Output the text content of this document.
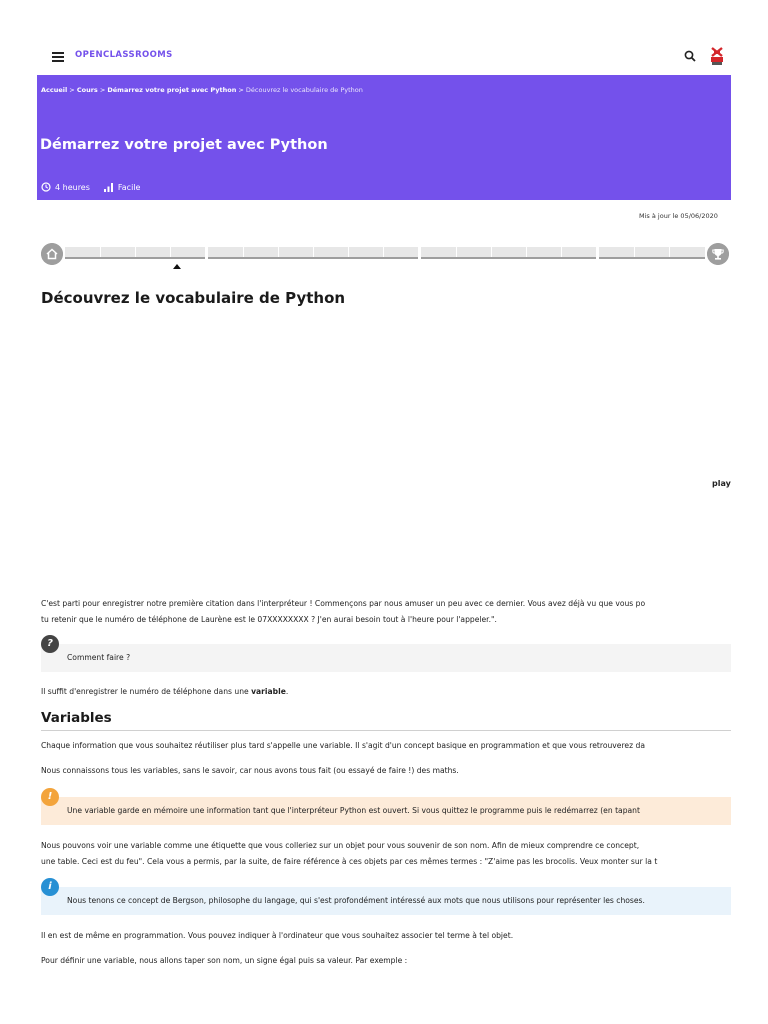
OPENCLASSROOMS
Accueil > Cours > Démarrez votre projet avec Python > Découvrez le vocabulaire de Python
Démarrez votre projet avec Python
4 heures	Facile
Mis à jour le 05/06/2020
Découvrez le vocabulaire de Python
play
C'est parti pour enregistrer notre première citation dans l'interpréteur ! Commençons par nous amuser un peu avec ce dernier. Vous avez déjà vu que vous po
tu retenir que le numéro de téléphone de Laurène est le 07XXXXXXXX ? J'en aurai besoin tout à l'heure pour l'appeler.".
?
Comment faire ?
Il suffit d'enregistrer le numéro de téléphone dans une variable.
Variables
Chaque information que vous souhaitez réutiliser plus tard s'appelle une variable. Il s'agit d'un concept basique en programmation et que vous retrouverez da
Nous connaissons tous les variables, sans le savoir, car nous avons tous fait (ou essayé de faire !) des maths.
!
Une variable garde en mémoire une information tant que l'interpréteur Python est ouvert. Si vous quittez le programme puis le redémarrez (en tapant
Nous pouvons voir une variable comme une étiquette que vous colleriez sur un objet pour vous souvenir de son nom. Afin de mieux comprendre ce concept,
une table. Ceci est du feu". Cela vous a permis, par la suite, de faire référence à ces objets par ces mêmes termes : "Z'aime pas les brocolis. Veux monter sur la t
i
Nous tenons ce concept de Bergson, philosophe du langage, qui s'est profondément intéressé aux mots que nous utilisons pour représenter les choses.
Il en est de même en programmation. Vous pouvez indiquer à l'ordinateur que vous souhaitez associer tel terme à tel objet.
Pour définir une variable, nous allons taper son nom, un signe égal puis sa valeur. Par exemple :
